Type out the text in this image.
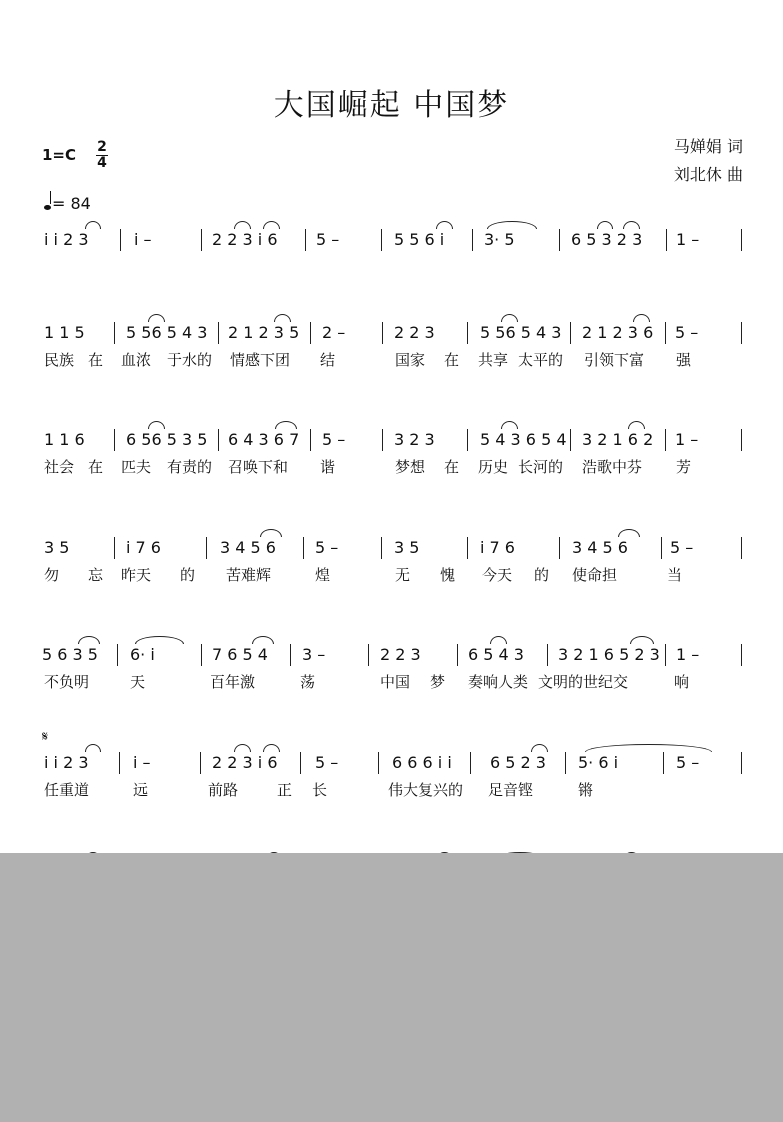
大国崛起 中国梦
1=C 2
4
= 84
马婵娟 词
刘北休 曲
𝄋
i i 2 3	i –	2 2 3 i 6 5 –	5 5 6 i 3· 5	6 5 3 2 3 1 –
1 1 5	5 56 5 4 3 2 1 2 3 5 2 –	2 2 3	5 56 5 4 3 2 1 2 3 6 5 –
民族 在 血浓 于水的 情感下团 结	国家 在 共享 太平的 引领下富 强
1 1 6	6 56 5 3 5 6 4 3 6 7 5 –	3 2 3	5 4 3 6 5 4 3 2 1 6 2 1 –
社会 在 匹夫 有责的 召唤下和 谐	梦想 在 历史 长河的 浩歌中芬 芳
3 5	i 7 6	3 4 5 6 5 –	3 5	i 7 6	3 4 5 6	5 –
勿 忘 昨天 的 苦难辉	煌	无 愧 今天 的 使命担	当
5 6 3 5 6· i	7 6 5 4 3 –	2 2 3	6 5 4 3 3 2 1 6 5 2 3 1 –
不负明	天	百年激	荡	中国 梦 奏响人类 文明的世纪交	响
i i 2 3	i –	2 2 3 i 6 5 –	6 6 6 i i 6 5 2 3 5· 6 i	5 –
任重道	远	前路	正 长	伟大复兴的 足音铿	锵
